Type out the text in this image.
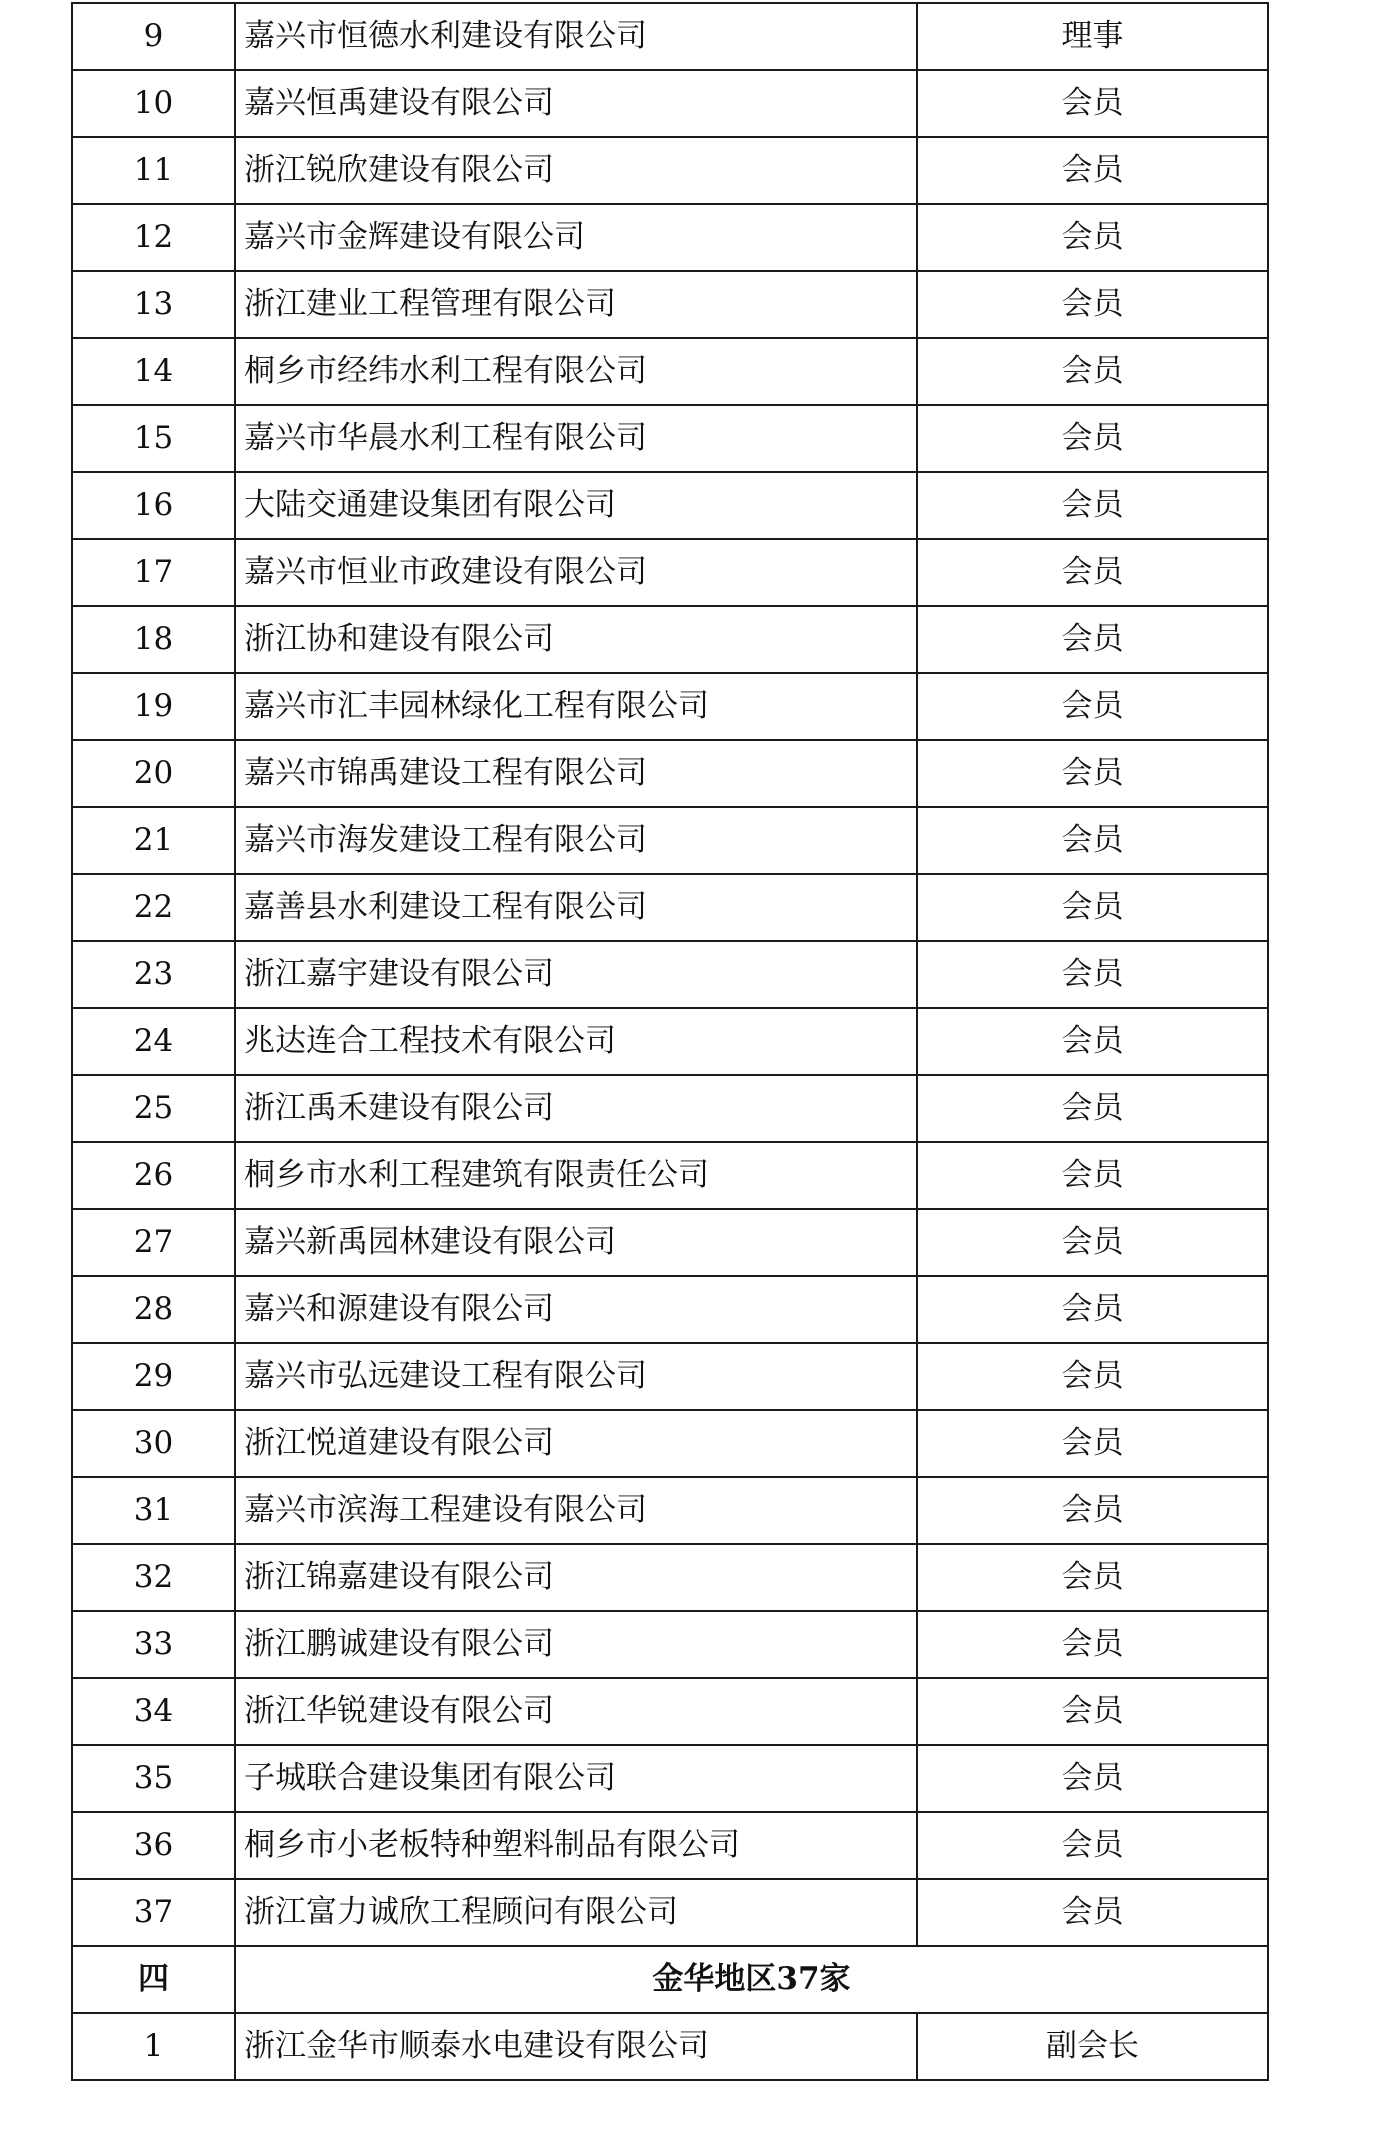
9	嘉兴市恒德水利建设有限公司	理事
10	嘉兴恒禹建设有限公司	会员
11	浙江锐欣建设有限公司	会员
12	嘉兴市金辉建设有限公司	会员
13	浙江建业工程管理有限公司	会员
14	桐乡市经纬水利工程有限公司	会员
15	嘉兴市华晨水利工程有限公司	会员
16	大陆交通建设集团有限公司	会员
17	嘉兴市恒业市政建设有限公司	会员
18	浙江协和建设有限公司	会员
19	嘉兴市汇丰园林绿化工程有限公司	会员
20	嘉兴市锦禹建设工程有限公司	会员
21	嘉兴市海发建设工程有限公司	会员
22	嘉善县水利建设工程有限公司	会员
23	浙江嘉宇建设有限公司	会员
24	兆达连合工程技术有限公司	会员
25	浙江禹禾建设有限公司	会员
26	桐乡市水利工程建筑有限责任公司	会员
27	嘉兴新禹园林建设有限公司	会员
28	嘉兴和源建设有限公司	会员
29	嘉兴市弘远建设工程有限公司	会员
30	浙江悦道建设有限公司	会员
31	嘉兴市滨海工程建设有限公司	会员
32	浙江锦嘉建设有限公司	会员
33	浙江鹏诚建设有限公司	会员
34	浙江华锐建设有限公司	会员
35	子城联合建设集团有限公司	会员
36	桐乡市小老板特种塑料制品有限公司	会员
37	浙江富力诚欣工程顾问有限公司	会员
四	金华地区37家	
1	浙江金华市顺泰水电建设有限公司	副会长
